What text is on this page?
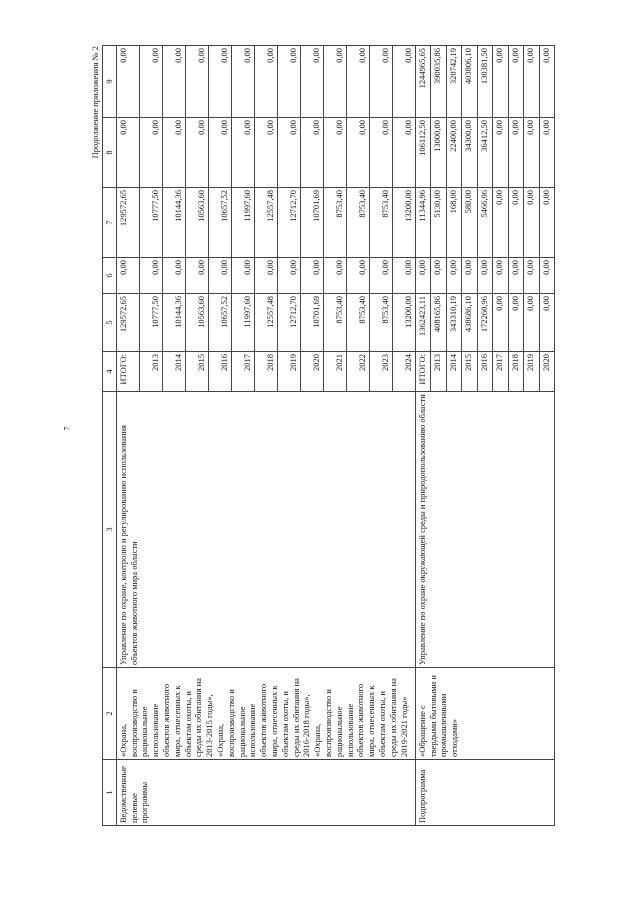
7
Продолжение приложения № 2
1	2	3	4	5	6	7	8	9
Ведомственные целевые программы	«Охрана, воспроизводство и рациональное использование объектов животного мира, отнесенных к объектам охоты, и среды их обитания на 2013-2015 годы», «Охрана, воспроизводство и рациональное использование объектов животного мира, отнесенных к объектам охоты, и среды их обитания на 2016-2018 годы», «Охрана, воспроизводство и рациональное использование объектов животного мира, отнесенных к объектам охоты, и среды их обитания на 2019-2021 годы»	Управление по охране, контролю и регулированию использования объектов животного мира области	ИТОГО:	129572,65	0,00	129572,65	0,00	0,00
			2013	10777,50	0,00	10777,50	0,00	0,00
			2014	10144,36	0,00	10144,36	0,00	0,00
			2015	10563,60	0,00	10563,60	0,00	0,00
			2016	10657,52	0,00	10657,52	0,00	0,00
			2017	11997,60	0,00	11997,60	0,00	0,00
			2018	12557,48	0,00	12557,48	0,00	0,00
			2019	12712,70	0,00	12712,70	0,00	0,00
			2020	10701,69	0,00	10701,69	0,00	0,00
			2021	8753,40	0,00	8753,40	0,00	0,00
			2022	8753,40	0,00	8753,40	0,00	0,00
			2023	8753,40	0,00	8753,40	0,00	0,00
			2024	13200,00	0,00	13200,00	0,00	0,00
Подпрограмма	«Обращение с твердыми бытовыми и промышленными отходами»	Управление по охране окружающей среды и природопользованию области	ИТОГО:	1362423,11	0,00	11344,96	106112,50	1244965,65
			2013	408165,86	0,00	5130,00	13000,00	390035,86
			2014	343310,19	0,00	168,00	22400,00	320742,19
			2015	438686,10	0,00	580,00	34300,00	403806,10
			2016	172260,96	0,00	5466,96	36412,50	130381,50
			2017	0,00	0,00	0,00	0,00	0,00
			2018	0,00	0,00	0,00	0,00	0,00
			2019	0,00	0,00	0,00	0,00	0,00
			2020	0,00	0,00	0,00	0,00	0,00
